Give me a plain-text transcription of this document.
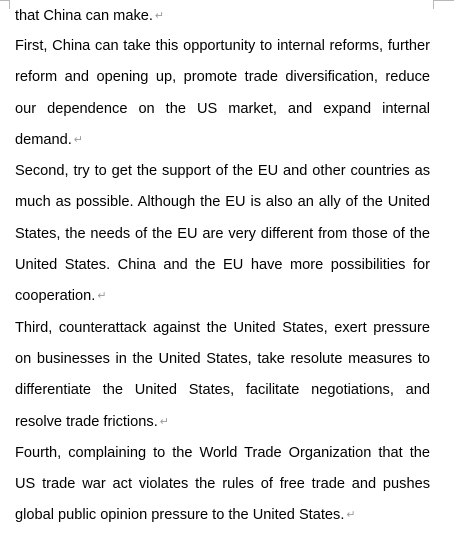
that China can make. ↵

First, China can take this opportunity to internal reforms, further reform and opening up, promote trade diversification, reduce our dependence on the US market, and expand internal demand. ↵

Second, try to get the support of the EU and other countries as much as possible. Although the EU is also an ally of the United States, the needs of the EU are very different from those of the United States. China and the EU have more possibilities for cooperation. ↵

Third, counterattack against the United States, exert pressure on businesses in the United States, take resolute measures to differentiate the United States, facilitate negotiations, and resolve trade frictions. ↵

Fourth, complaining to the World Trade Organization that the US trade war act violates the rules of free trade and pushes global public opinion pressure to the United States. ↵
